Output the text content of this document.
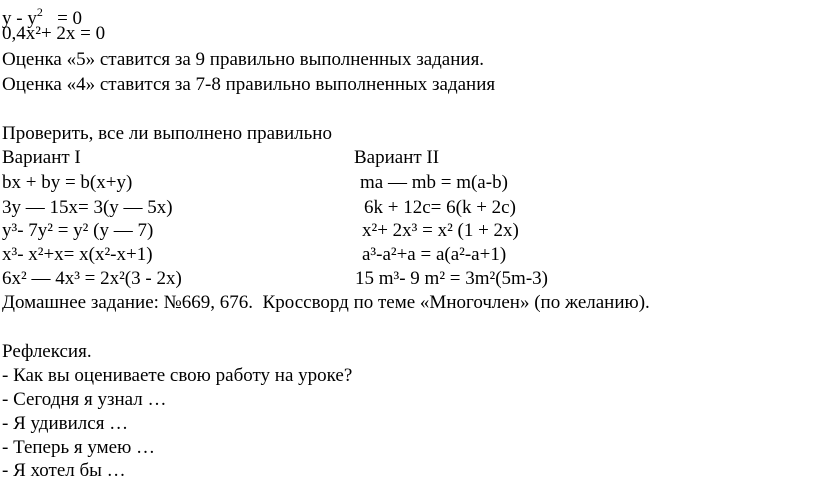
$y - y^2 = 0$
0,4x²+ 2x = 0
Оценка «5» ставится за 9 правильно выполненных задания.
Оценка «4» ставится за 7-8 правильно выполненных задания
Проверить, все ли выполнено правильно
Вариант I	Вариант II
bx + by = b(x+y)	ma — mb = m(a-b)
3y — 15x= 3(y — 5x)	6k + 12c= 6(k + 2c)
y³- 7y² = y² (y — 7)	x²+ 2x³ = x² (1 + 2x)
x³- x²+x= x(x²-x+1)	a³-a²+a = a(a²-a+1)
6x² — 4x³ = 2x²(3 - 2x)	15 m³- 9 m² = 3m²(5m-3)
Домашнее задание: №669, 676.  Кроссворд по теме «Многочлен» (по желанию).
Рефлексия.
- Как вы оцениваете свою работу на уроке?
- Сегодня я узнал …
- Я удивился …
- Теперь я умею …
- Я хотел бы …
